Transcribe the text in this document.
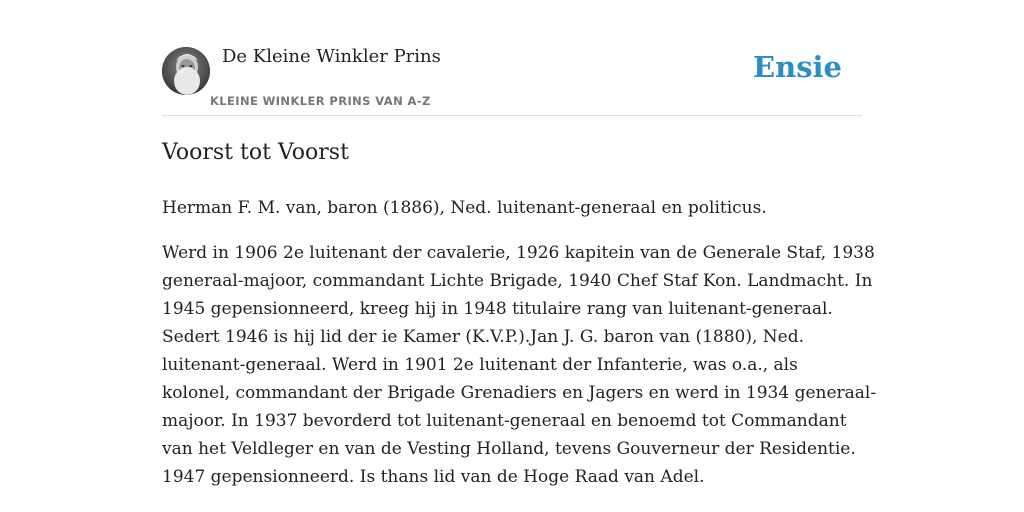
De Kleine Winkler Prins
KLEINE WINKLER PRINS VAN A-Z
Ensie
Voorst tot Voorst

Herman F. M. van, baron (1886), Ned. luitenant-generaal en politicus.

Werd in 1906 2e luitenant der cavalerie, 1926 kapitein van de Generale Staf, 1938
generaal-majoor, commandant Lichte Brigade, 1940 Chef Staf Kon. Landmacht. In
1945 gepensionneerd, kreeg hij in 1948 titulaire rang van luitenant-generaal.
Sedert 1946 is hij lid der ie Kamer (K.V.P.).Jan J. G. baron van (1880), Ned.
luitenant-generaal. Werd in 1901 2e luitenant der Infanterie, was o.a., als
kolonel, commandant der Brigade Grenadiers en Jagers en werd in 1934 generaal-
majoor. In 1937 bevorderd tot luitenant-generaal en benoemd tot Commandant
van het Veldleger en van de Vesting Holland, tevens Gouverneur der Residentie.
1947 gepensionneerd. Is thans lid van de Hoge Raad van Adel.
